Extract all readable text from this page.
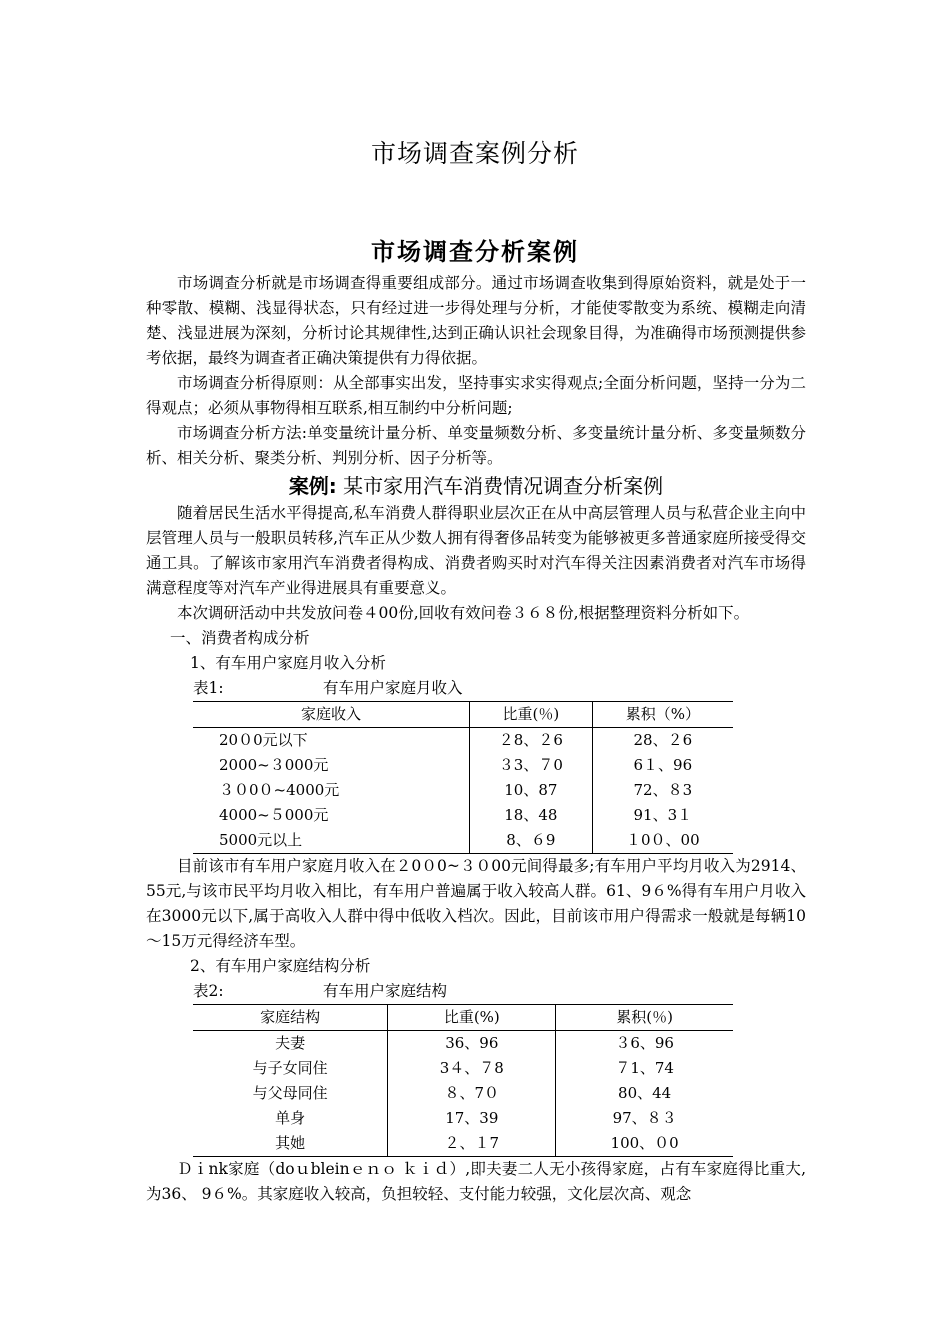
市场调查案例分析
市场调查分析案例

市场调查分析就是市场调查得重要组成部分。通过市场调查收集到得原始资料，就是处于一种零散、模糊、浅显得状态，只有经过进一步得处理与分析，才能使零散变为系统、模糊走向清楚、浅显进展为深刻，分析讨论其规律性,达到正确认识社会现象目得，为准确得市场预测提供参考依据，最终为调查者正确决策提供有力得依据。

市场调查分析得原则：从全部事实出发，坚持事实求实得观点;全面分析问题，坚持一分为二得观点；必须从事物得相互联系,相互制约中分析问题;

市场调查分析方法:单变量统计量分析、单变量频数分析、多变量统计量分析、多变量频数分析、相关分析、聚类分析、判别分析、因子分析等。

案例: 某市家用汽车消费情况调查分析案例

随着居民生活水平得提高,私车消费人群得职业层次正在从中高层管理人员与私营企业主向中层管理人员与一般职员转移,汽车正从少数人拥有得奢侈品转变为能够被更多普通家庭所接受得交通工具。了解该市家用汽车消费者得构成、消费者购买时对汽车得关注因素消费者对汽车市场得满意程度等对汽车产业得进展具有重要意义。

本次调研活动中共发放问卷４00份,回收有效问卷３６８份,根据整理资料分析如下。

一、消费者构成分析

1、有车用户家庭月收入分析

表1:	有车用户家庭月收入

家庭收入	比重(％)	累积（%）
20０0元以下	２8、２6	28、２6
2000~３000元	３3、７0	6１、96
３０0０~4000元	10、87	72、８3
4000~５000元	18、48	91、3１
5000元以上	8、６9	１0０、00

目前该市有车用户家庭月收入在２0０0~３０00元间得最多;有车用户平均月收入为2914、55元,与该市民平均月收入相比，有车用户普遍属于收入较高人群。61、9６%得有车用户月收入在3000元以下,属于高收入人群中得中低收入档次。因此，目前该市用户得需求一般就是每辆10～15万元得经济车型。

2、有车用户家庭结构分析

表2:	有车用户家庭结构

家庭结构	比重(%)	累积(％)
夫妻	36、96	３6、96
与子女同住	3４、７8	７1、74
与父母同住	８、7０	80、44
单身	17、39	97、８３
其她	２、１7	100、０0

Ｄｉnk家庭（doｕbleinｅｎｏ ｋｉｄ）,即夫妻二人无小孩得家庭，占有车家庭得比重大,为36、 9６%。其家庭收入较高，负担较轻、支付能力较强，文化层次高、观念
